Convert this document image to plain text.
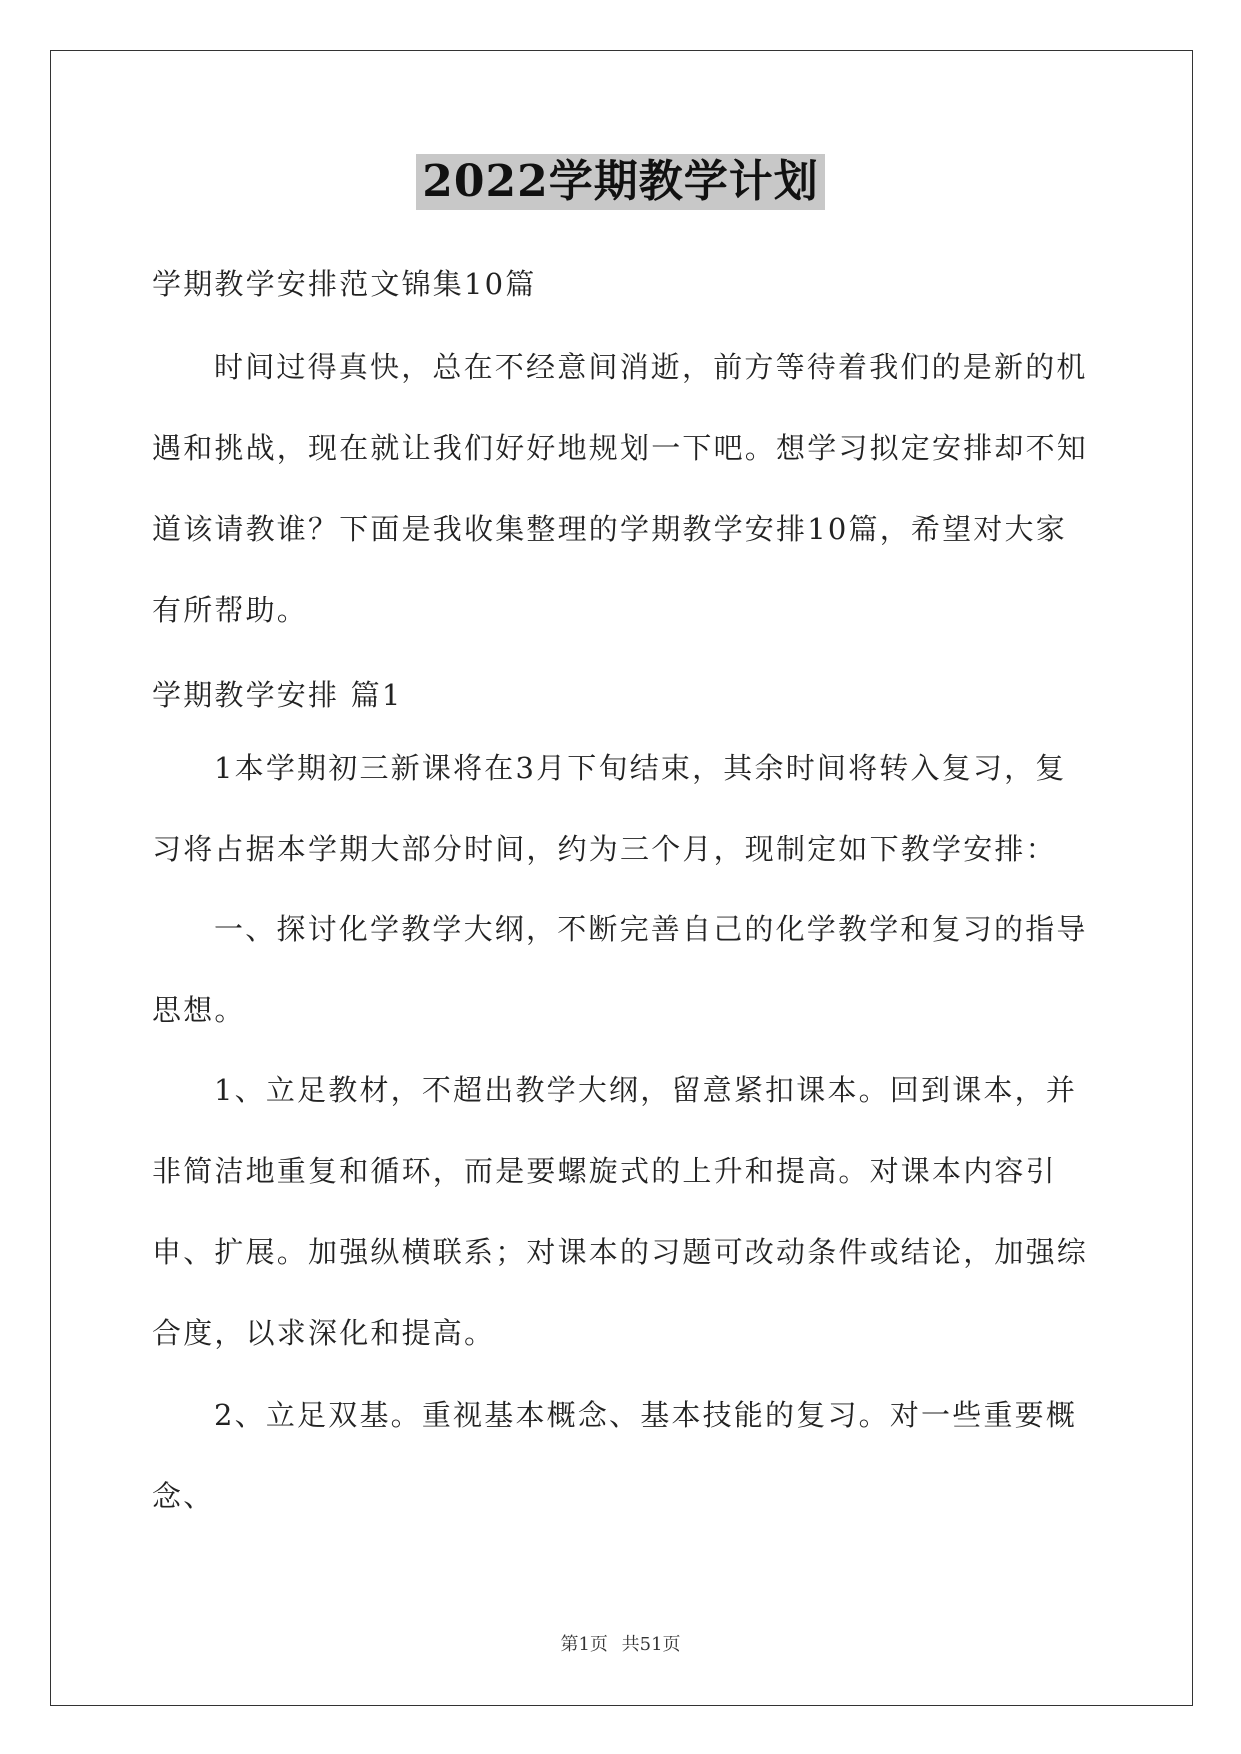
2022学期教学计划

学期教学安排范文锦集10篇

时间过得真快，总在不经意间消逝，前方等待着我们的是新的机遇和挑战，现在就让我们好好地规划一下吧。想学习拟定安排却不知道该请教谁？下面是我收集整理的学期教学安排10篇，希望对大家有所帮助。

学期教学安排 篇1

1本学期初三新课将在3月下旬结束，其余时间将转入复习，复习将占据本学期大部分时间，约为三个月，现制定如下教学安排：

一、探讨化学教学大纲，不断完善自己的化学教学和复习的指导思想。

1、立足教材，不超出教学大纲，留意紧扣课本。回到课本，并非简洁地重复和循环，而是要螺旋式的上升和提高。对课本内容引申、扩展。加强纵横联系；对课本的习题可改动条件或结论，加强综合度，以求深化和提高。

2、立足双基。重视基本概念、基本技能的复习。对一些重要概念、

第1页 共51页
